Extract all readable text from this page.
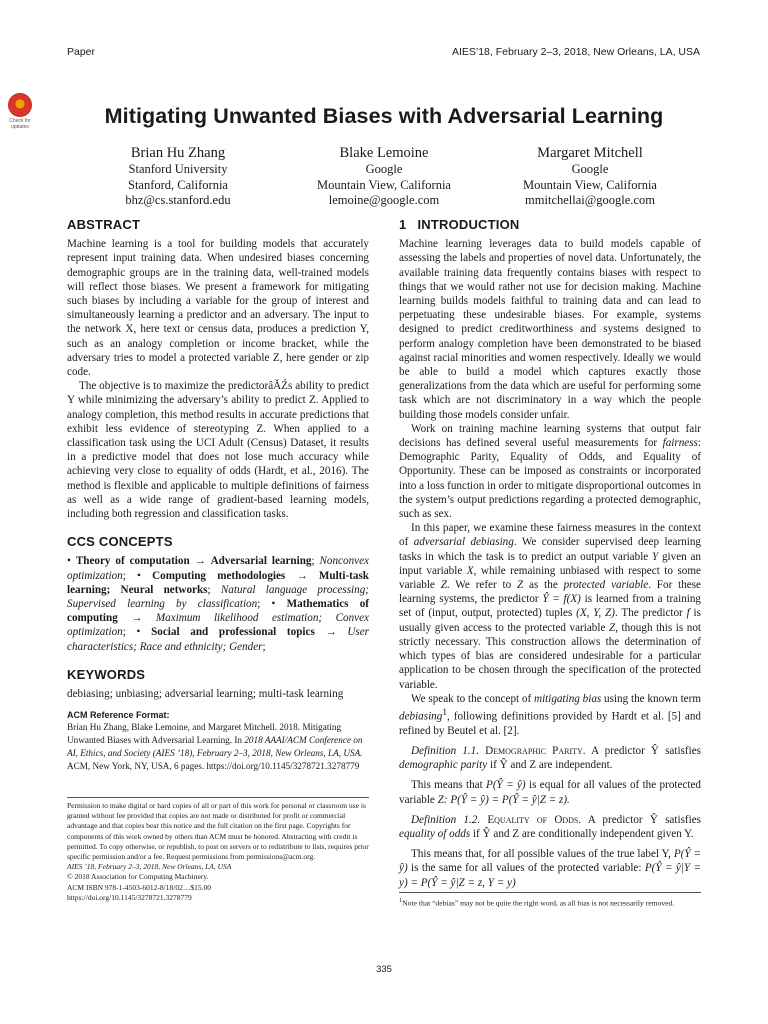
Paper	AIES’18, February 2–3, 2018, New Orleans, LA, USA
Check for updates	Mitigating Unwanted Biases with Adversarial Learning
Brian Hu Zhang
Stanford University
Stanford, California
bhz@cs.stanford.edu
Blake Lemoine
Google
Mountain View, California
lemoine@google.com
Margaret Mitchell
Google
Mountain View, California
mmitchellai@google.com

ABSTRACT

Machine learning is a tool for building models that accurately represent input training data. When undesired biases concerning demographic groups are in the training data, well-trained models will reflect those biases. We present a framework for mitigating such biases by including a variable for the group of interest and simultaneously learning a predictor and an adversary. The input to the network X, here text or census data, produces a prediction Y, such as an analogy completion or income bracket, while the adversary tries to model a protected variable Z, here gender or zip code.

The objective is to maximize the predictorâĂŹs ability to predict Y while minimizing the adversary’s ability to predict Z. Applied to analogy completion, this method results in accurate predictions that exhibit less evidence of stereotyping Z. When applied to a classification task using the UCI Adult (Census) Dataset, it results in a predictive model that does not lose much accuracy while achieving very close to equality of odds (Hardt, et al., 2016). The method is flexible and applicable to multiple definitions of fairness as well as a wide range of gradient-based learning models, including both regression and classification tasks.

CCS CONCEPTS

• Theory of computation → Adversarial learning; Nonconvex optimization; • Computing methodologies → Multi-task learning; Neural networks; Natural language processing; Supervised learning by classification; • Mathematics of computing → Maximum likelihood estimation; Convex optimization; • Social and professional topics → User characteristics; Race and ethnicity; Gender;

KEYWORDS

debiasing; unbiasing; adversarial learning; multi-task learning

ACM Reference Format:

Brian Hu Zhang, Blake Lemoine, and Margaret Mitchell. 2018. Mitigating Unwanted Biases with Adversarial Learning. In 2018 AAAI/ACM Conference on AI, Ethics, and Society (AIES ’18), February 2–3, 2018, New Orleans, LA, USA. ACM, New York, NY, USA, 6 pages. https://doi.org/10.1145/3278721.3278779

Permission to make digital or hard copies of all or part of this work for personal or classroom use is granted without fee provided that copies are not made or distributed for profit or commercial advantage and that copies bear this notice and the full citation on the first page. Copyrights for components of this work owned by others than ACM must be honored. Abstracting with credit is permitted. To copy otherwise, or republish, to post on servers or to redistribute to lists, requires prior specific permission and/or a fee. Request permissions from permissions@acm.org.
AIES ’18, February 2–3, 2018, New Orleans, LA, USA
© 2018 Association for Computing Machinery.
ACM ISBN 978-1-4503-6012-8/18/02…$15.00
https://doi.org/10.1145/3278721.3278779

1 INTRODUCTION

Machine learning leverages data to build models capable of assessing the labels and properties of novel data. Unfortunately, the available training data frequently contains biases with respect to things that we would rather not use for decision making. Machine learning builds models faithful to training data and can lead to perpetuating these undesirable biases. For example, systems designed to predict creditworthiness and systems designed to perform analogy completion have been demonstrated to be biased against racial minorities and women respectively. Ideally we would be able to build a model which captures exactly those generalizations from the data which are useful for performing some task which are not discriminatory in a way which the people building those models consider unfair.

Work on training machine learning systems that output fair decisions has defined several useful measurements for fairness: Demographic Parity, Equality of Odds, and Equality of Opportunity. These can be imposed as constraints or incorporated into a loss function in order to mitigate disproportional outcomes in the system’s output predictions regarding a protected demographic, such as sex.

In this paper, we examine these fairness measures in the context of adversarial debiasing. We consider supervised deep learning tasks in which the task is to predict an output variable Y given an input variable X, while remaining unbiased with respect to some variable Z. We refer to Z as the protected variable. For these learning systems, the predictor Ŷ = f(X) is learned from a training set of (input, output, protected) tuples (X, Y, Z). The predictor f is usually given access to the protected variable Z, though this is not strictly necessary. This construction allows the determination of which types of bias are considered undesirable for a particular application to be chosen through the specification of the protected variable.

We speak to the concept of mitigating bias using the known term debiasing$^1$, following definitions provided by Hardt et al. [5] and refined by Beutel et al. [2].

Definition 1.1. Demographic Parity. A predictor Ŷ satisfies demographic parity if Ŷ and Z are independent.

This means that P(Ŷ = ŷ) is equal for all values of the protected variable Z: P(Ŷ = ŷ) = P(Ŷ = ŷ|Z = z).

Definition 1.2. Equality of Odds. A predictor Ŷ satisfies equality of odds if Ŷ and Z are conditionally independent given Y.

This means that, for all possible values of the true label Y, P(Ŷ = ŷ) is the same for all values of the protected variable: P(Ŷ = ŷ|Y = y) = P(Ŷ = ŷ|Z = z, Y = y)

$^1$Note that “debias” may not be quite the right word, as all bias is not necessarily removed.
335
